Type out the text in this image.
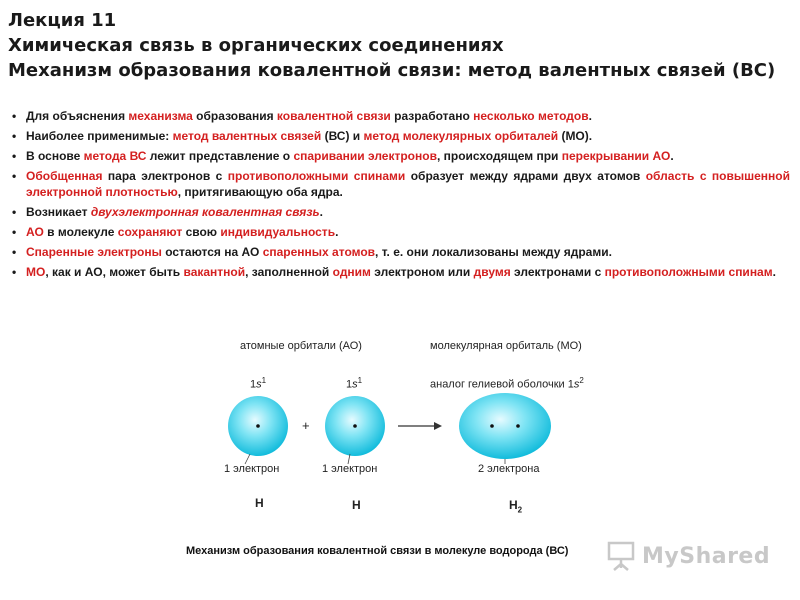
Лекция 11
Химическая связь в органических соединениях
Механизм образования ковалентной связи: метод валентных связей (ВС)
• Для объяснения механизма образования ковалентной связи разработано несколько методов.
• Наиболее применимые: метод валентных связей (ВС) и метод молекулярных орбиталей (МО).
• В основе метода ВС лежит представление о спаривании электронов, происходящем при перекрывании АО.
• Обобщенная пара электронов с противоположными спинами образует между ядрами двух атомов область с повышенной электронной плотностью, притягивающую оба ядра.
• Возникает двухэлектронная ковалентная связь.
• АО в молекуле сохраняют свою индивидуальность.
• Спаренные электроны остаются на АО спаренных атомов, т. е. они локализованы между ядрами.
• МО, как и АО, может быть вакантной, заполненной одним электроном или двумя электронами с противоположными спинам.
атомные орбитали (АО)	молекулярная орбиталь (МО)
$1s^1$	$1s^1$	аналог гелиевой оболочки $1s^2$
+
1 электрон	1 электрон	2 электрона
H	H	$H_2$
Механизм образования ковалентной связи в молекуле водорода (ВС)	MyShared
